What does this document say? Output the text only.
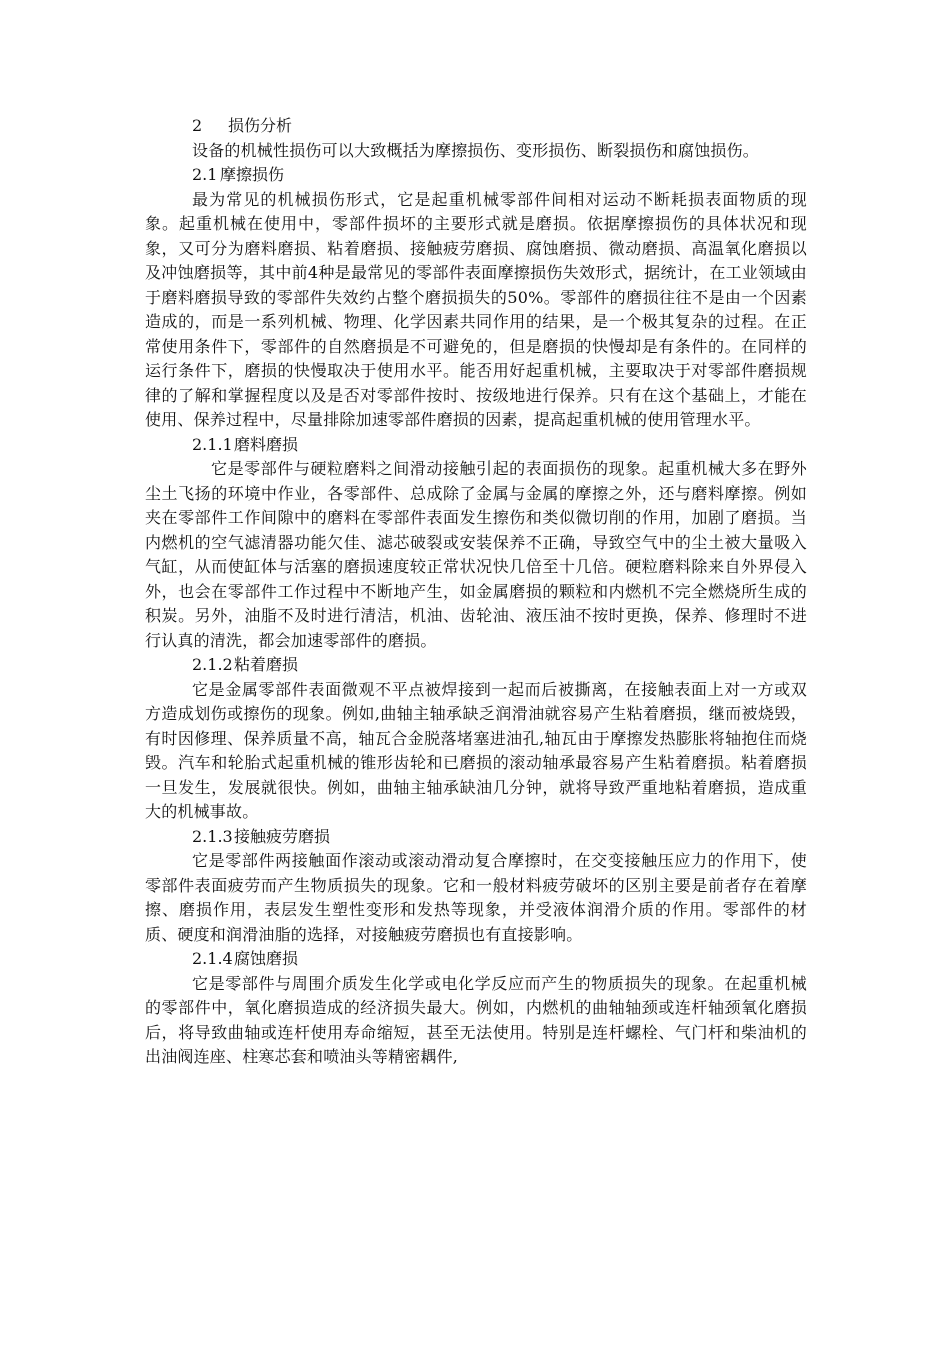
2 损伤分析

设备的机械性损伤可以大致概括为摩擦损伤、变形损伤、断裂损伤和腐蚀损伤。

2.1 摩擦损伤

最为常见的机械损伤形式，它是起重机械零部件间相对运动不断耗损表面物质的现象。起重机械在使用中，零部件损坏的主要形式就是磨损。依据摩擦损伤的具体状况和现象，又可分为磨料磨损、粘着磨损、接触疲劳磨损、腐蚀磨损、微动磨损、高温氧化磨损以及冲蚀磨损等，其中前4种是最常见的零部件表面摩擦损伤失效形式，据统计，在工业领域由于磨料磨损导致的零部件失效约占整个磨损损失的50%。零部件的磨损往往不是由一个因素造成的，而是一系列机械、物理、化学因素共同作用的结果，是一个极其复杂的过程。在正常使用条件下，零部件的自然磨损是不可避免的，但是磨损的快慢却是有条件的。在同样的运行条件下，磨损的快慢取决于使用水平。能否用好起重机械，主要取决于对零部件磨损规律的了解和掌握程度以及是否对零部件按时、按级地进行保养。只有在这个基础上，才能在使用、保养过程中，尽量排除加速零部件磨损的因素，提高起重机械的使用管理水平。

2.1.1磨料磨损

它是零部件与硬粒磨料之间滑动接触引起的表面损伤的现象。起重机械大多在野外尘土飞扬的环境中作业，各零部件、总成除了金属与金属的摩擦之外，还与磨料摩擦。例如夹在零部件工作间隙中的磨料在零部件表面发生擦伤和类似微切削的作用，加剧了磨损。当内燃机的空气滤清器功能欠佳、滤芯破裂或安装保养不正确，导致空气中的尘土被大量吸入气缸，从而使缸体与活塞的磨损速度较正常状况快几倍至十几倍。硬粒磨料除来自外界侵入外，也会在零部件工作过程中不断地产生，如金属磨损的颗粒和内燃机不完全燃烧所生成的积炭。另外，油脂不及时进行清洁，机油、齿轮油、液压油不按时更换，保养、修理时不进行认真的清洗，都会加速零部件的磨损。

2.1.2粘着磨损

它是金属零部件表面微观不平点被焊接到一起而后被撕离，在接触表面上对一方或双方造成划伤或擦伤的现象。例如,曲轴主轴承缺乏润滑油就容易产生粘着磨损，继而被烧毁，有时因修理、保养质量不高，轴瓦合金脱落堵塞进油孔,轴瓦由于摩擦发热膨胀将轴抱住而烧毁。汽车和轮胎式起重机械的锥形齿轮和已磨损的滚动轴承最容易产生粘着磨损。粘着磨损一旦发生，发展就很快。例如，曲轴主轴承缺油几分钟，就将导致严重地粘着磨损，造成重大的机械事故。

2.1.3接触疲劳磨损

它是零部件两接触面作滚动或滚动滑动复合摩擦时，在交变接触压应力的作用下，使零部件表面疲劳而产生物质损失的现象。它和一般材料疲劳破坏的区别主要是前者存在着摩擦、磨损作用，表层发生塑性变形和发热等现象，并受液体润滑介质的作用。零部件的材质、硬度和润滑油脂的选择，对接触疲劳磨损也有直接影响。

2.1.4腐蚀磨损

它是零部件与周围介质发生化学或电化学反应而产生的物质损失的现象。在起重机械的零部件中，氧化磨损造成的经济损失最大。例如，内燃机的曲轴轴颈或连杆轴颈氧化磨损后，将导致曲轴或连杆使用寿命缩短，甚至无法使用。特别是连杆螺栓、气门杆和柴油机的出油阀连座、柱寒芯套和喷油头等精密耦件,
